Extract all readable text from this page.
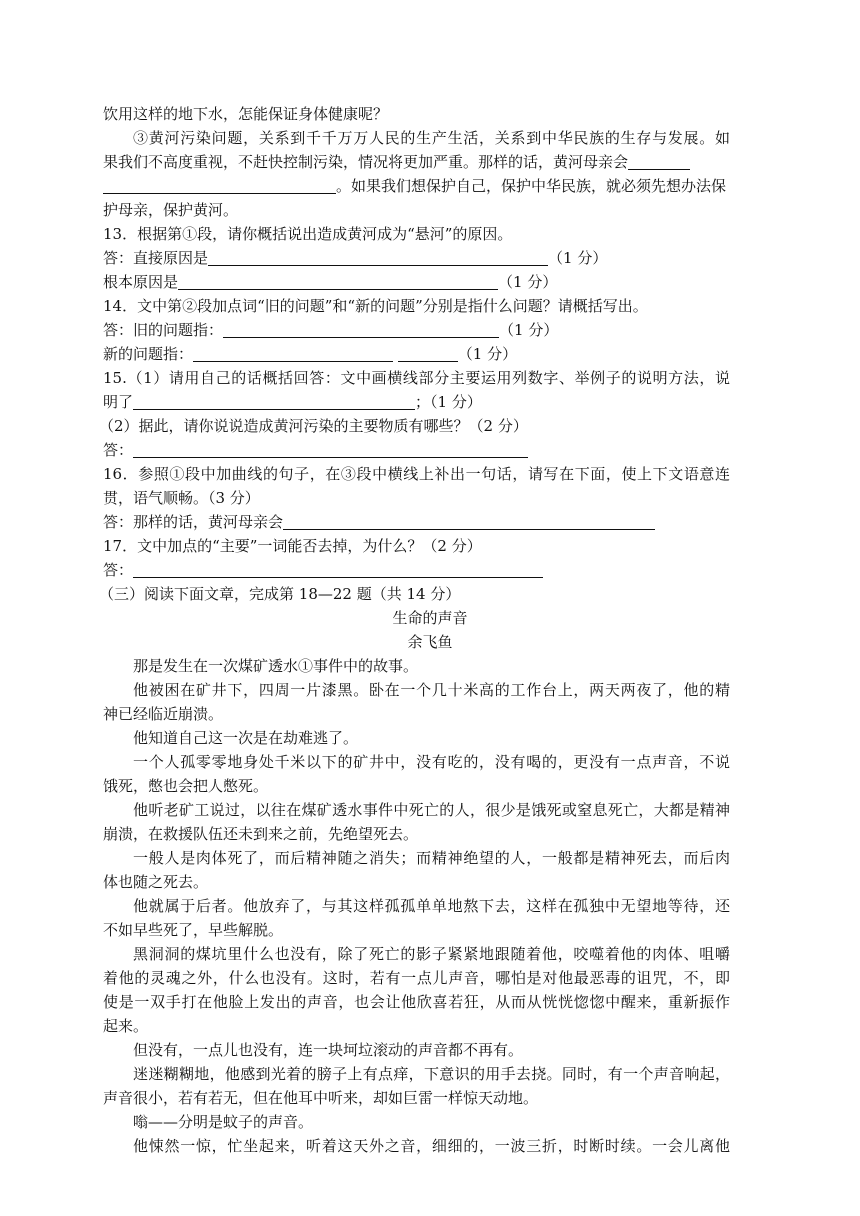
饮用这样的地下水，怎能保证身体健康呢？
③黄河污染问题，关系到千千万万人民的生产生活，关系到中华民族的生存与发展。如
果我们不高度重视，不赶快控制污染，情况将更加严重。那样的话，黄河母亲会
。如果我们想保护自己，保护中华民族，就必须先想办法保
护母亲，保护黄河。
13．根据第①段，请你概括说出造成黄河成为“悬河”的原因。
答：直接原因是	（1 分）
根本原因是	（1 分）
14．文中第②段加点词“旧的问题”和“新的问题”分别是指什么问题？请概括写出。
答：旧的问题指：	（1 分）
新的问题指：	（1 分）
15.（1）请用自己的话概括回答：文中画横线部分主要运用列数字、举例子的说明方法，说
明了	；（1 分）
（2）据此，请你说说造成黄河污染的主要物质有哪些？（2 分）
答：
16．参照①段中加曲线的句子，在③段中横线上补出一句话，请写在下面，使上下文语意连
贯，语气顺畅。（3 分）
答：那样的话，黄河母亲会
17．文中加点的“主要”一词能否去掉，为什么？（2 分）
答：
（三）阅读下面文章，完成第 18—22 题（共 14 分）
生命的声音
余飞鱼
那是发生在一次煤矿透水①事件中的故事。
他被困在矿井下，四周一片漆黑。卧在一个几十米高的工作台上，两天两夜了，他的精
神已经临近崩溃。
他知道自己这一次是在劫难逃了。
一个人孤零零地身处千米以下的矿井中，没有吃的，没有喝的，更没有一点声音，不说
饿死，憋也会把人憋死。
他听老矿工说过，以往在煤矿透水事件中死亡的人，很少是饿死或窒息死亡，大都是精神
崩溃，在救援队伍还未到来之前，先绝望死去。
一般人是肉体死了，而后精神随之消失；而精神绝望的人，一般都是精神死去，而后肉
体也随之死去。
他就属于后者。他放弃了，与其这样孤孤单单地熬下去，这样在孤独中无望地等待，还
不如早些死了，早些解脱。
黑洞洞的煤坑里什么也没有，除了死亡的影子紧紧地跟随着他，咬噬着他的肉体、咀嚼
着他的灵魂之外，什么也没有。这时，若有一点儿声音，哪怕是对他最恶毒的诅咒，不，即
使是一双手打在他脸上发出的声音，也会让他欣喜若狂，从而从恍恍惚惚中醒来，重新振作
起来。
但没有，一点儿也没有，连一块坷垃滚动的声音都不再有。
迷迷糊糊地，他感到光着的膀子上有点痒，下意识的用手去挠。同时，有一个声音响起，
声音很小，若有若无，但在他耳中听来，却如巨雷一样惊天动地。
嗡——分明是蚊子的声音。
他悚然一惊，忙坐起来，听着这天外之音，细细的，一波三折，时断时续。一会儿离他
